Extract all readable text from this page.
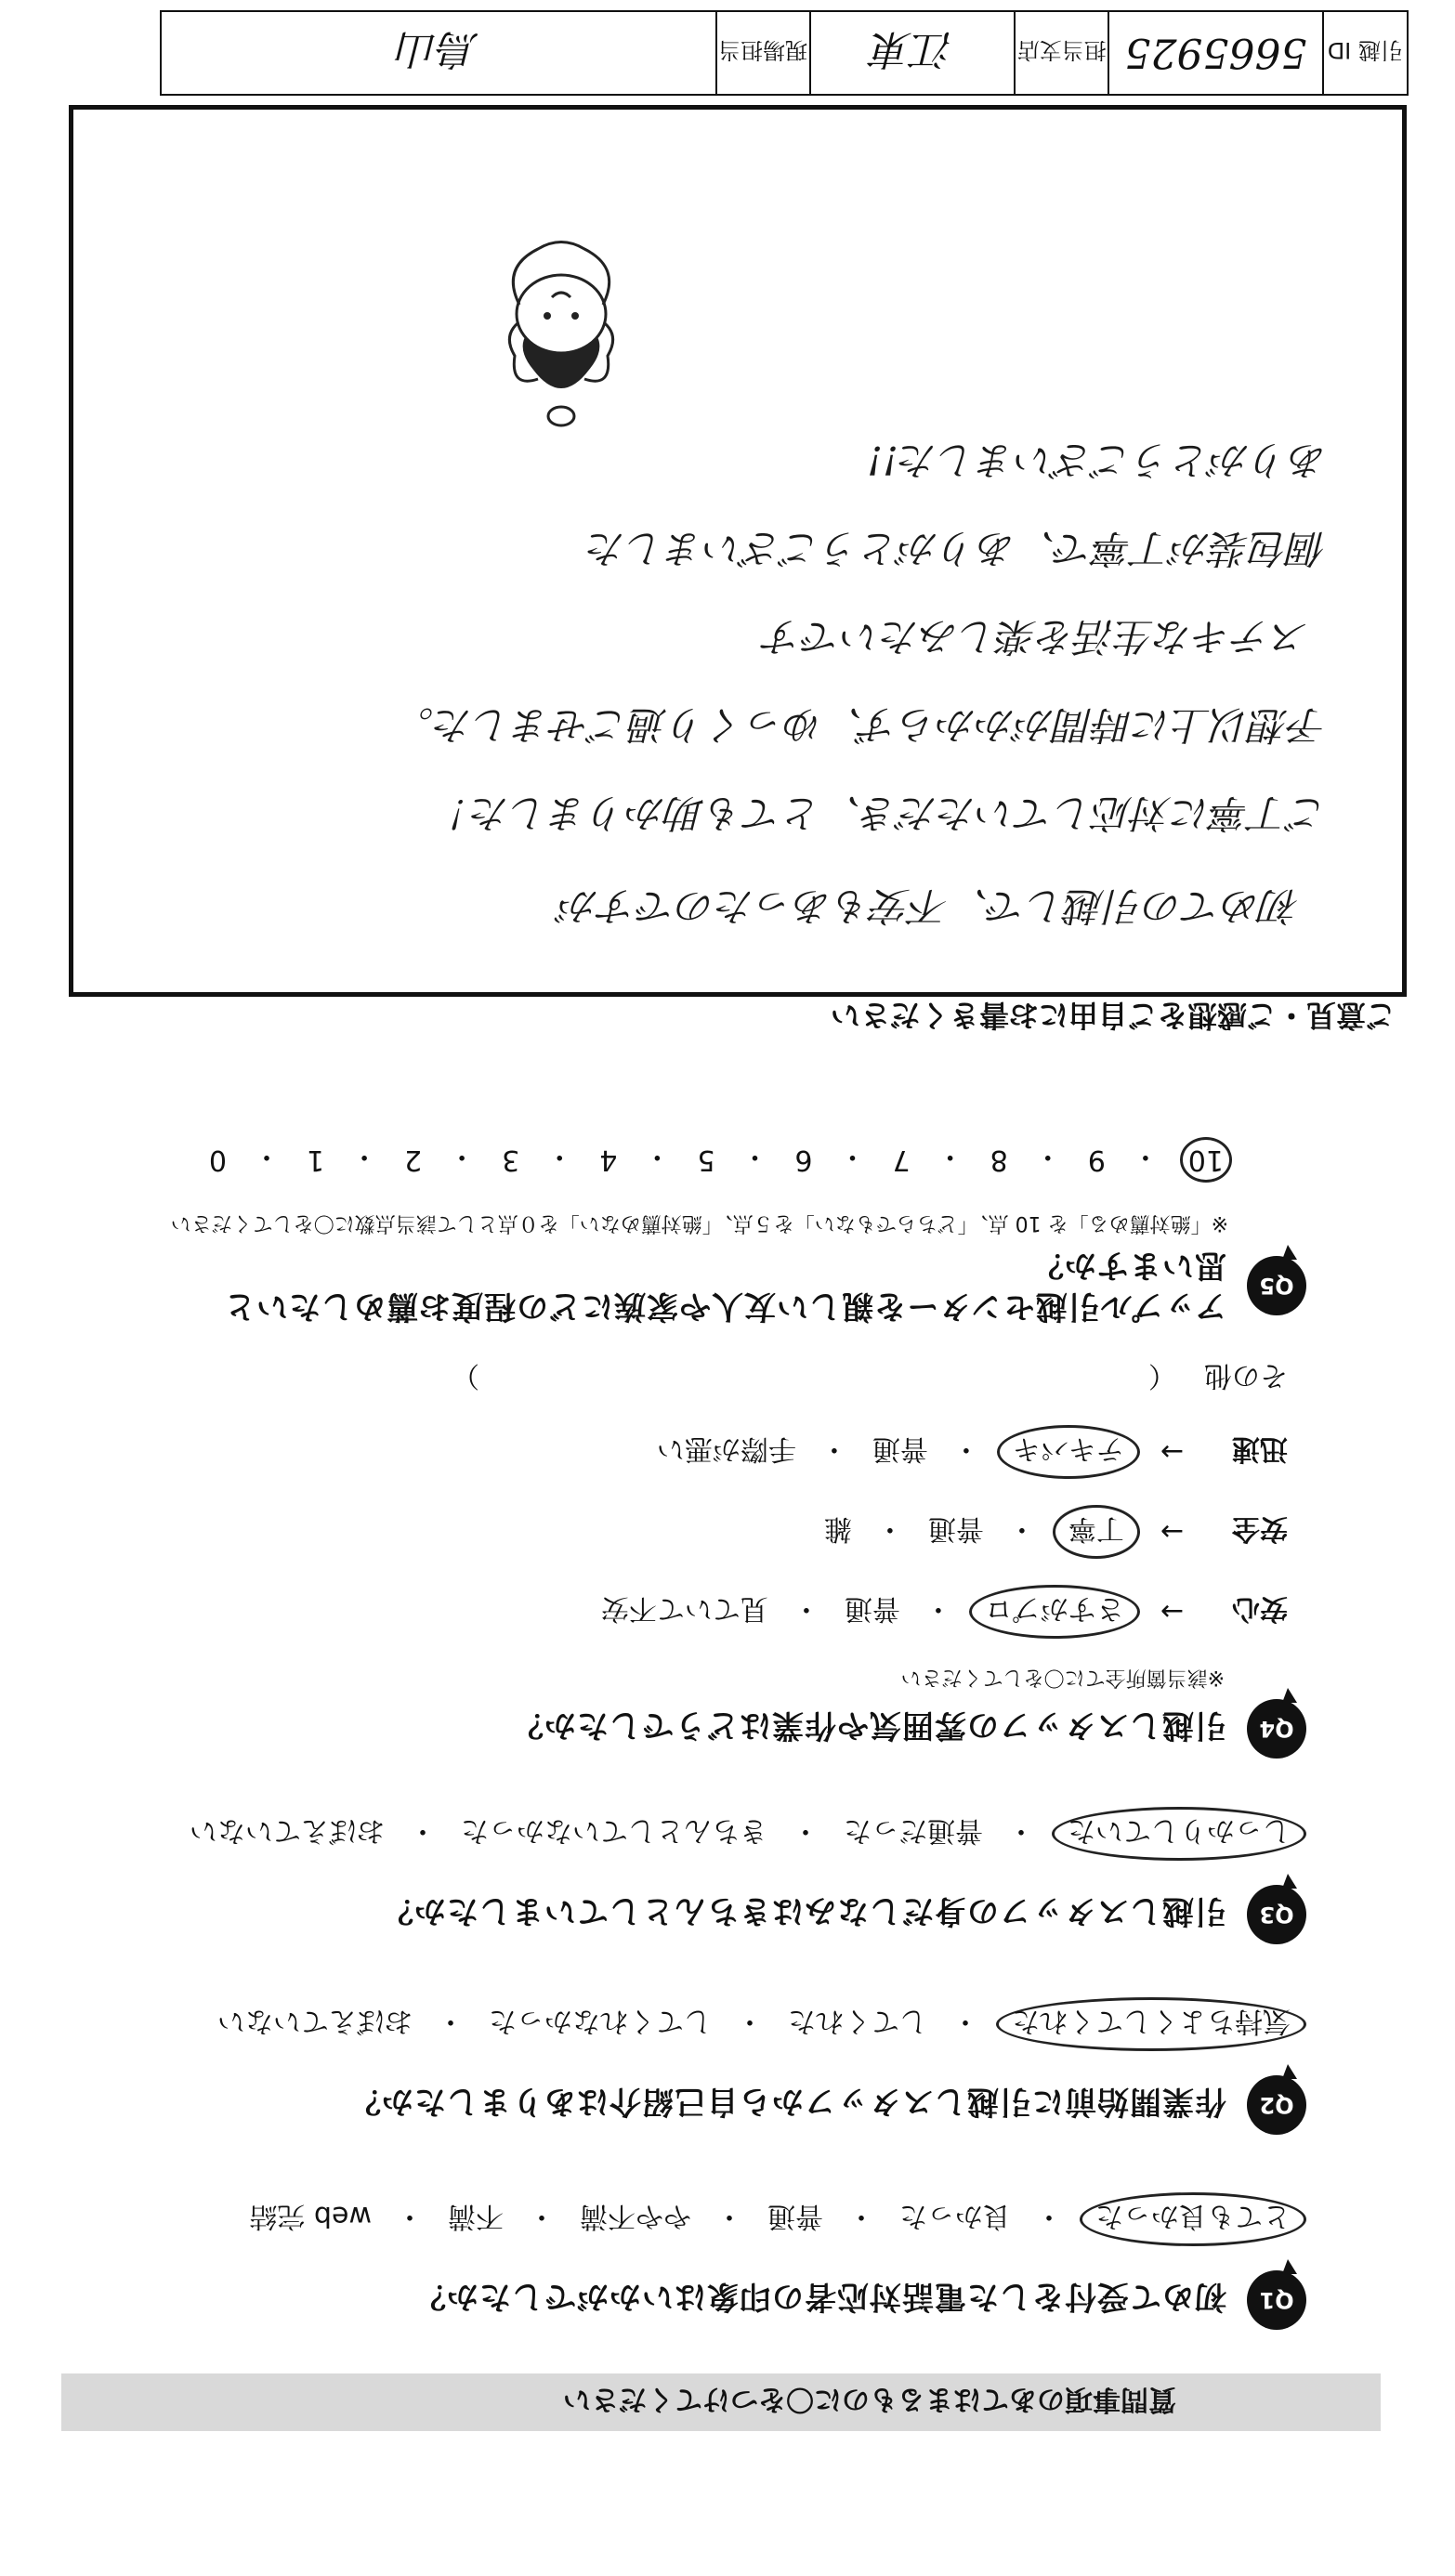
質問事項のあてはまるものに〇をつけてください
Q1
初めて受付をした電話対応者の印象はいかがでしたか？
とても良かった
・
良かった
・
普通
・
やや不満
・
不満
・
web 完結
Q2
作業開始前に引越しスタッフから自己紹介はありましたか？
気持ちよくしてくれた
・
してくれた
・
してくれなかった
・
おぼえていない
Q3
引越しスタッフの身だしなみはきちんとしていましたか？
しっかりしていた
・
普通だった
・
きちんとしていなかった
・
おぼえていない
Q4
引越しスタッフの雰囲気や作業はどうでしたか？
※該当箇所全てに〇をしてください
安心
→
さすがプロ
・
普通
・
見ていて不安
安全
→
丁寧
・
普通
・
雑
迅速
→
テキパキ
・
普通
・
手際が悪い
その他
（
）
Q5
アップル引越センターを親しい友人や家族にどの程度お薦めしたいと思いますか？
※「絶対薦める」を 10 点、「どちらでもない」を５点、「絶対薦めない」を０点として該当点数に〇をしてください
10
・
9
・
8
・
7
・
6
・
5
・
4
・
3
・
2
・
1
・
0
ご意見・ご感想をご自由にお書きください
初めての引越しで、不安もあったのですが
ご丁寧に対応していただき、とても助かりました！
予想以上に時間がかからず、ゆっくり過ごせました。
ステキな生活を楽しみたいです
個包装が丁寧で、ありがとうございました
ありがとうございました!!
引越 ID
5665925
担当支店
江東
現場担当
鳥山
